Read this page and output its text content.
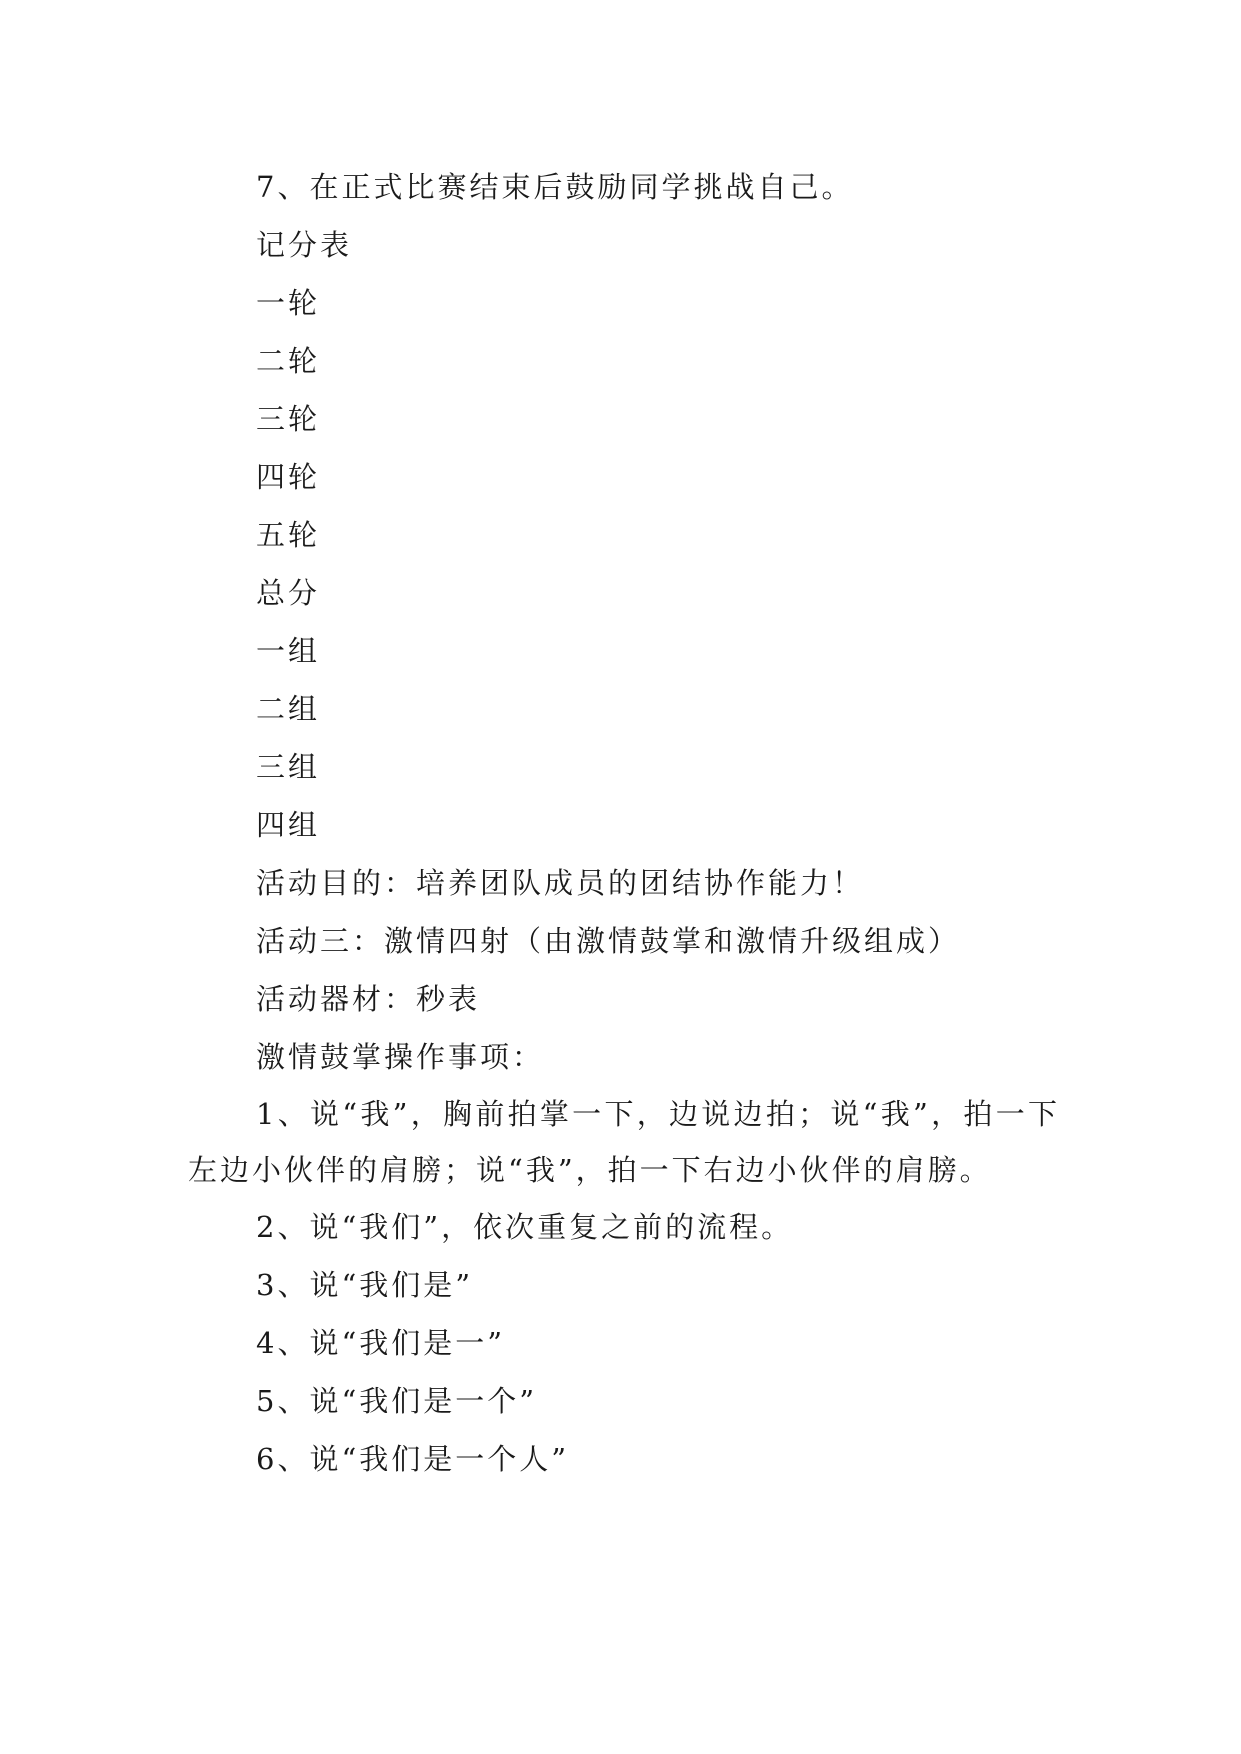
7、在正式比赛结束后鼓励同学挑战自己。

记分表

一轮

二轮

三轮

四轮

五轮

总分

一组

二组

三组

四组

活动目的：培养团队成员的团结协作能力！

活动三：激情四射（由激情鼓掌和激情升级组成）

活动器材：秒表

激情鼓掌操作事项：

1、说“我”，胸前拍掌一下，边说边拍；说“我”，拍一下左边小伙伴的肩膀；说“我”，拍一下右边小伙伴的肩膀。

2、说“我们”，依次重复之前的流程。

3、说“我们是”

4、说“我们是一”

5、说“我们是一个”

6、说“我们是一个人”
